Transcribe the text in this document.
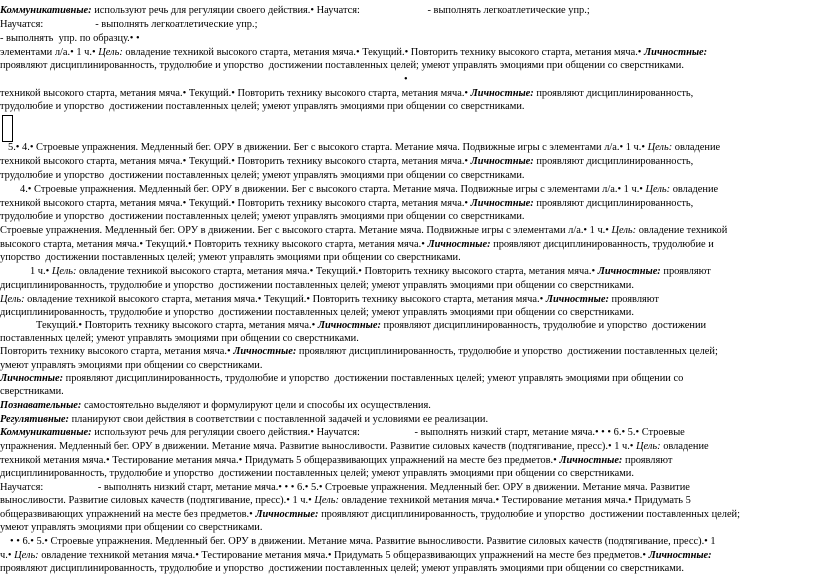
Коммуникативные: используют речь для регуляции своего действия.• Научатся:                          - выполнять легкоатлетические упр.;
Научатся:                    - выполнять легкоатлетические упр.;
- выполнять  упр. по образцу.• •
элементами л/а.• 1 ч.• Цель: овладение техникой высокого старта, метания мяча.• Текущий.• Повторить технику высокого старта, метания мяча.• Личностные:
проявляют дисциплинированность, трудолюбие и упорство  достижении поставленных целей; умеют управлять эмоциями при общении со сверстниками.
•
техникой высокого старта, метания мяча.• Текущий.• Повторить технику высокого старта, метания мяча.• Личностные: проявляют дисциплинированность,
трудолюбие и упорство  достижении поставленных целей; умеют управлять эмоциями при общении со сверстниками.
5.• 4.• Строевые упражнения. Медленный бег. ОРУ в движении. Бег с высокого старта. Метание мяча. Подвижные игры с элементами л/а.• 1 ч.• Цель: овладение
техникой высокого старта, метания мяча.• Текущий.• Повторить технику высокого старта, метания мяча.• Личностные: проявляют дисциплинированность,
трудолюбие и упорство  достижении поставленных целей; умеют управлять эмоциями при общении со сверстниками.
4.• Строевые упражнения. Медленный бег. ОРУ в движении. Бег с высокого старта. Метание мяча. Подвижные игры с элементами л/а.• 1 ч.• Цель: овладение
техникой высокого старта, метания мяча.• Текущий.• Повторить технику высокого старта, метания мяча.• Личностные: проявляют дисциплинированность,
трудолюбие и упорство  достижении поставленных целей; умеют управлять эмоциями при общении со сверстниками.
Строевые упражнения. Медленный бег. ОРУ в движении. Бег с высокого старта. Метание мяча. Подвижные игры с элементами л/а.• 1 ч.• Цель: овладение техникой
высокого старта, метания мяча.• Текущий.• Повторить технику высокого старта, метания мяча.• Личностные: проявляют дисциплинированность, трудолюбие и
упорство  достижении поставленных целей; умеют управлять эмоциями при общении со сверстниками.
1 ч.• Цель: овладение техникой высокого старта, метания мяча.• Текущий.• Повторить технику высокого старта, метания мяча.• Личностные: проявляют
дисциплинированность, трудолюбие и упорство  достижении поставленных целей; умеют управлять эмоциями при общении со сверстниками.
Цель: овладение техникой высокого старта, метания мяча.• Текущий.• Повторить технику высокого старта, метания мяча.• Личностные: проявляют
дисциплинированность, трудолюбие и упорство  достижении поставленных целей; умеют управлять эмоциями при общении со сверстниками.
Текущий.• Повторить технику высокого старта, метания мяча.• Личностные: проявляют дисциплинированность, трудолюбие и упорство  достижении
поставленных целей; умеют управлять эмоциями при общении со сверстниками.
Повторить технику высокого старта, метания мяча.• Личностные: проявляют дисциплинированность, трудолюбие и упорство  достижении поставленных целей;
умеют управлять эмоциями при общении со сверстниками.
Личностные: проявляют дисциплинированность, трудолюбие и упорство  достижении поставленных целей; умеют управлять эмоциями при общении со
сверстниками.
Познавательные: самостоятельно выделяют и формулируют цели и способы их осуществления.
Регулятивные: планируют свои действия в соответствии с поставленной задачей и условиями ее реализации.
Коммуникативные: используют речь для регуляции своего действия.• Научатся:                     - выполнять низкий старт, метание мяча.• • • 6.• 5.• Строевые
упражнения. Медленный бег. ОРУ в движении. Метание мяча. Развитие выносливости. Развитие силовых качеств (подтягивание, пресс).• 1 ч.• Цель: овладение
техникой метания мяча.• Тестирование метания мяча.• Придумать 5 общеразвивающих упражнений на месте без предметов.• Личностные: проявляют
дисциплинированность, трудолюбие и упорство  достижении поставленных целей; умеют управлять эмоциями при общении со сверстниками.
Научатся:                     - выполнять низкий старт, метание мяча.• • • 6.• 5.• Строевые упражнения. Медленный бег. ОРУ в движении. Метание мяча. Развитие
выносливости. Развитие силовых качеств (подтягивание, пресс).• 1 ч.• Цель: овладение техникой метания мяча.• Тестирование метания мяча.• Придумать 5
общеразвивающих упражнений на месте без предметов.• Личностные: проявляют дисциплинированность, трудолюбие и упорство  достижении поставленных целей;
умеют управлять эмоциями при общении со сверстниками.
• • 6.• 5.• Строевые упражнения. Медленный бег. ОРУ в движении. Метание мяча. Развитие выносливости. Развитие силовых качеств (подтягивание, пресс).• 1
ч.• Цель: овладение техникой метания мяча.• Тестирование метания мяча.• Придумать 5 общеразвивающих упражнений на месте без предметов.• Личностные:
проявляют дисциплинированность, трудолюбие и упорство  достижении поставленных целей; умеют управлять эмоциями при общении со сверстниками.
